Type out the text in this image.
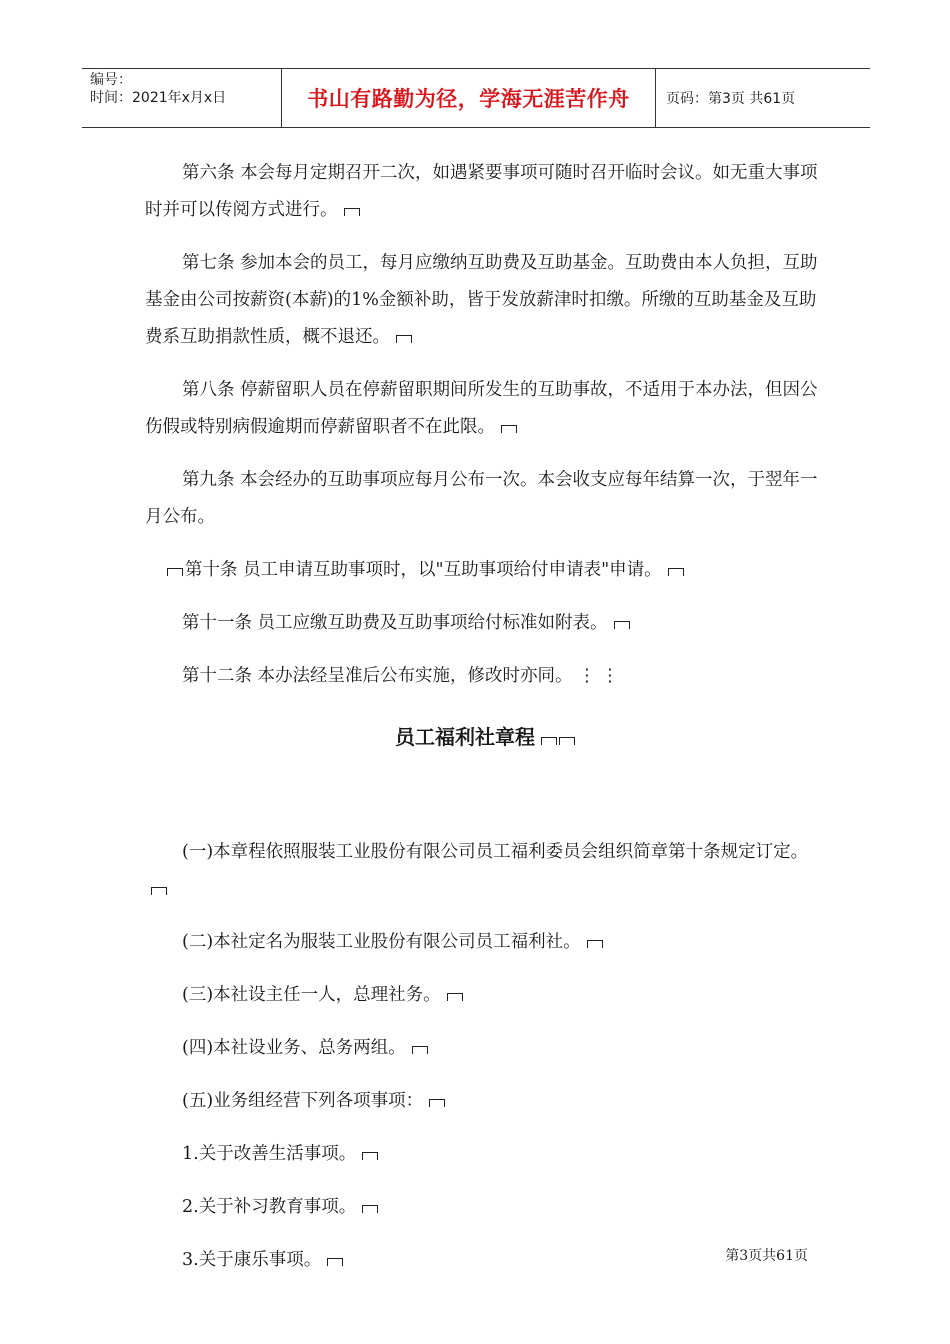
编号：
时间：2021年x月x日	书山有路勤为径，学海无涯苦作舟	页码：第3页 共61页

第六条 本会每月定期召开二次，如遇紧要事项可随时召开临时会议。如无重大事项时并可以传阅方式进行。

第七条 参加本会的员工，每月应缴纳互助费及互助基金。互助费由本人负担，互助基金由公司按薪资(本薪)的1%金额补助，皆于发放薪津时扣缴。所缴的互助基金及互助费系互助捐款性质，概不退还。

第八条 停薪留职人员在停薪留职期间所发生的互助事故，不适用于本办法，但因公伤假或特别病假逾期而停薪留职者不在此限。

第九条 本会经办的互助事项应每月公布一次。本会收支应每年结算一次，于翌年一月公布。

第十条 员工申请互助事项时，以"互助事项给付申请表"申请。

第十一条 员工应缴互助费及互助事项给付标准如附表。

第十二条 本办法经呈准后公布实施，修改时亦同。 ⋮ ⋮

员工福利社章程

(一)本章程依照服装工业股份有限公司员工福利委员会组织简章第十条规定订定。

(二)本社定名为服装工业股份有限公司员工福利社。

(三)本社设主任一人，总理社务。

(四)本社设业务、总务两组。

(五)业务组经营下列各项事项：

1.关于改善生活事项。

2.关于补习教育事项。

3.关于康乐事项。	第3页共61页
